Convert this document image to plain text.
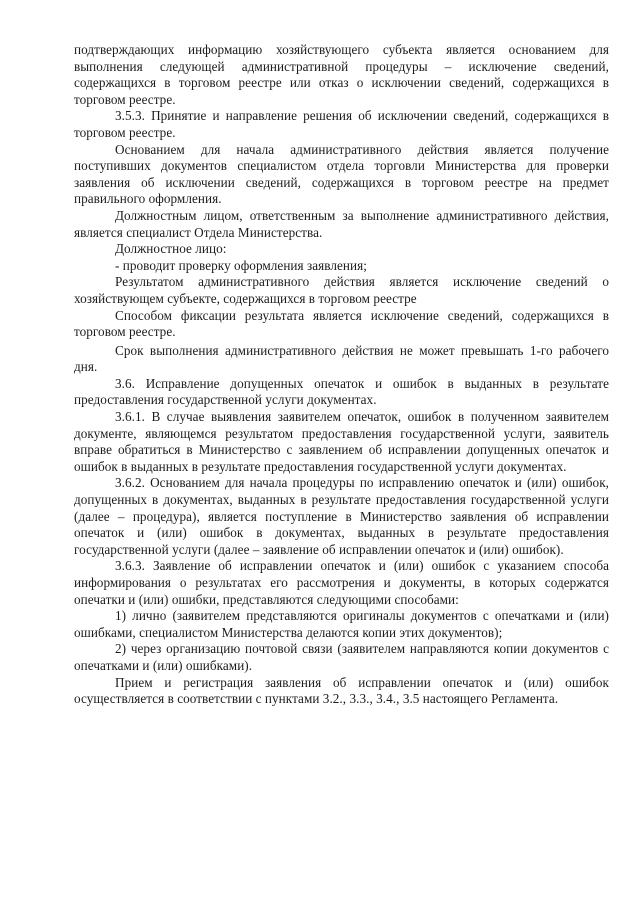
подтверждающих информацию хозяйствующего субъекта является основанием для выполнения следующей административной процедуры – исключение сведений, содержащихся в торговом реестре или отказ о исключении сведений, содержащихся в торговом реестре.

3.5.3. Принятие и направление решения об исключении сведений, содержащихся в торговом реестре.

Основанием для начала административного действия является получение поступивших документов специалистом отдела торговли Министерства для проверки заявления об исключении сведений, содержащихся в торговом реестре на предмет правильного оформления.

Должностным лицом, ответственным за выполнение административного действия, является специалист Отдела Министерства.

Должностное лицо:

- проводит проверку оформления заявления;

Результатом административного действия является исключение сведений о хозяйствующем субъекте, содержащихся в торговом реестре

Способом фиксации результата является исключение сведений, содержащихся в торговом реестре.

Срок выполнения административного действия не может превышать 1-го рабочего дня.

3.6. Исправление допущенных опечаток и ошибок в выданных в результате предоставления государственной услуги документах.

3.6.1. В случае выявления заявителем опечаток, ошибок в полученном заявителем документе, являющемся результатом предоставления государственной услуги, заявитель вправе обратиться в Министерство с заявлением об исправлении допущенных опечаток и ошибок в выданных в результате предоставления государственной услуги документах.

3.6.2. Основанием для начала процедуры по исправлению опечаток и (или) ошибок, допущенных в документах, выданных в результате предоставления государственной услуги (далее – процедура), является поступление в Министерство заявления об исправлении опечаток и (или) ошибок в документах, выданных в результате предоставления государственной услуги (далее – заявление об исправлении опечаток и (или) ошибок).

3.6.3. Заявление об исправлении опечаток и (или) ошибок с указанием способа информирования о результатах его рассмотрения и документы, в которых содержатся опечатки и (или) ошибки, представляются следующими способами:

1) лично (заявителем представляются оригиналы документов с опечатками и (или) ошибками, специалистом Министерства делаются копии этих документов);

2) через организацию почтовой связи (заявителем направляются копии документов с опечатками и (или) ошибками).

Прием и регистрация заявления об исправлении опечаток и (или) ошибок осуществляется в соответствии с пунктами 3.2., 3.3., 3.4., 3.5 настоящего Регламента.
